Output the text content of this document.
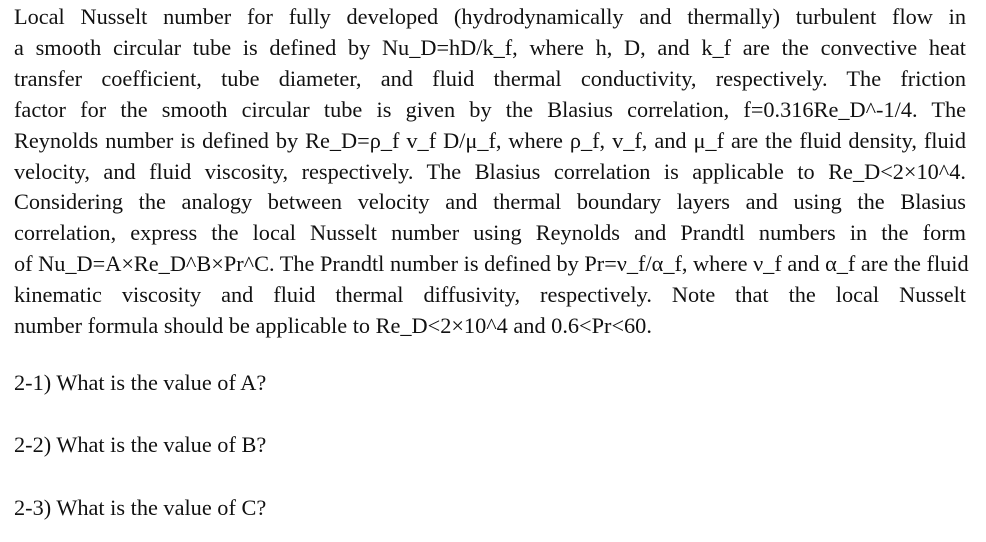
Local Nusselt number for fully developed (hydrodynamically and thermally) turbulent flow in
a smooth circular tube is defined by Nu_D=hD/k_f, where h, D, and k_f are the convective heat
transfer coefficient, tube diameter, and fluid thermal conductivity, respectively. The friction
factor for the smooth circular tube is given by the Blasius correlation, f=0.316Re_D^-1/4. The
Reynolds number is defined by Re_D=ρ_f v_f D/μ_f, where ρ_f, v_f, and μ_f are the fluid density, fluid
velocity, and fluid viscosity, respectively. The Blasius correlation is applicable to Re_D<2×10^4.
Considering the analogy between velocity and thermal boundary layers and using the Blasius
correlation, express the local Nusselt number using Reynolds and Prandtl numbers in the form
of Nu_D=A×Re_D^B×Pr^C. The Prandtl number is defined by Pr=ν_f/α_f, where ν_f and α_f are the fluid
kinematic viscosity and fluid thermal diffusivity, respectively. Note that the local Nusselt
number formula should be applicable to Re_D<2×10^4 and 0.6<Pr<60.

2-1) What is the value of A?

2-2) What is the value of B?

2-3) What is the value of C?
